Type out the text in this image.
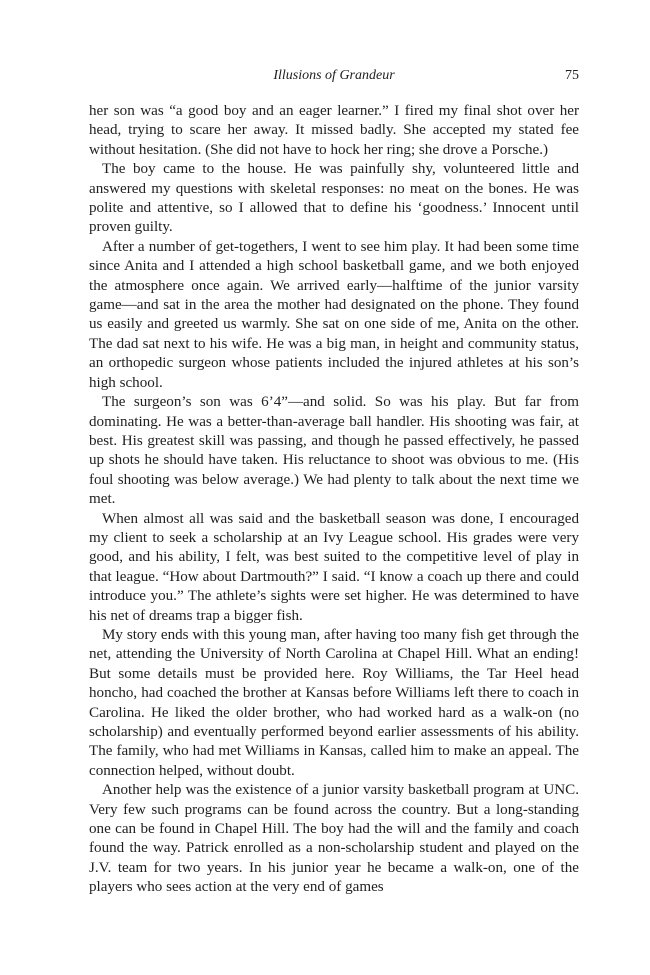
Illusions of Grandeur	75

her son was “a good boy and an eager learner.” I fired my final shot over her head, trying to scare her away. It missed badly. She accepted my stated fee without hesitation. (She did not have to hock her ring; she drove a Porsche.)

The boy came to the house. He was painfully shy, volunteered little and answered my questions with skeletal responses: no meat on the bones. He was polite and attentive, so I allowed that to define his ‘goodness.’ Innocent until proven guilty.

After a number of get-togethers, I went to see him play. It had been some time since Anita and I attended a high school basketball game, and we both enjoyed the atmosphere once again. We arrived early—halftime of the junior varsity game—and sat in the area the mother had designated on the phone. They found us easily and greeted us warmly. She sat on one side of me, Anita on the other. The dad sat next to his wife. He was a big man, in height and community status, an orthopedic surgeon whose patients included the injured athletes at his son’s high school.

The surgeon’s son was 6’4”—and solid. So was his play. But far from dominating. He was a better-than-average ball handler. His shooting was fair, at best. His greatest skill was passing, and though he passed effectively, he passed up shots he should have taken. His reluctance to shoot was obvious to me. (His foul shooting was below average.) We had plenty to talk about the next time we met.

When almost all was said and the basketball season was done, I encouraged my client to seek a scholarship at an Ivy League school. His grades were very good, and his ability, I felt, was best suited to the competitive level of play in that league. “How about Dartmouth?” I said. “I know a coach up there and could introduce you.” The athlete’s sights were set higher. He was determined to have his net of dreams trap a bigger fish.

My story ends with this young man, after having too many fish get through the net, attending the University of North Carolina at Chapel Hill. What an ending! But some details must be provided here. Roy Williams, the Tar Heel head honcho, had coached the brother at Kansas before Williams left there to coach in Carolina. He liked the older brother, who had worked hard as a walk-on (no scholarship) and eventually performed beyond earlier assessments of his ability. The family, who had met Williams in Kansas, called him to make an appeal. The connection helped, without doubt.

Another help was the existence of a junior varsity basketball program at UNC. Very few such programs can be found across the country. But a long-standing one can be found in Chapel Hill. The boy had the will and the family and coach found the way. Patrick enrolled as a non-scholarship student and played on the J.V. team for two years. In his junior year he became a walk-on, one of the players who sees action at the very end of games
